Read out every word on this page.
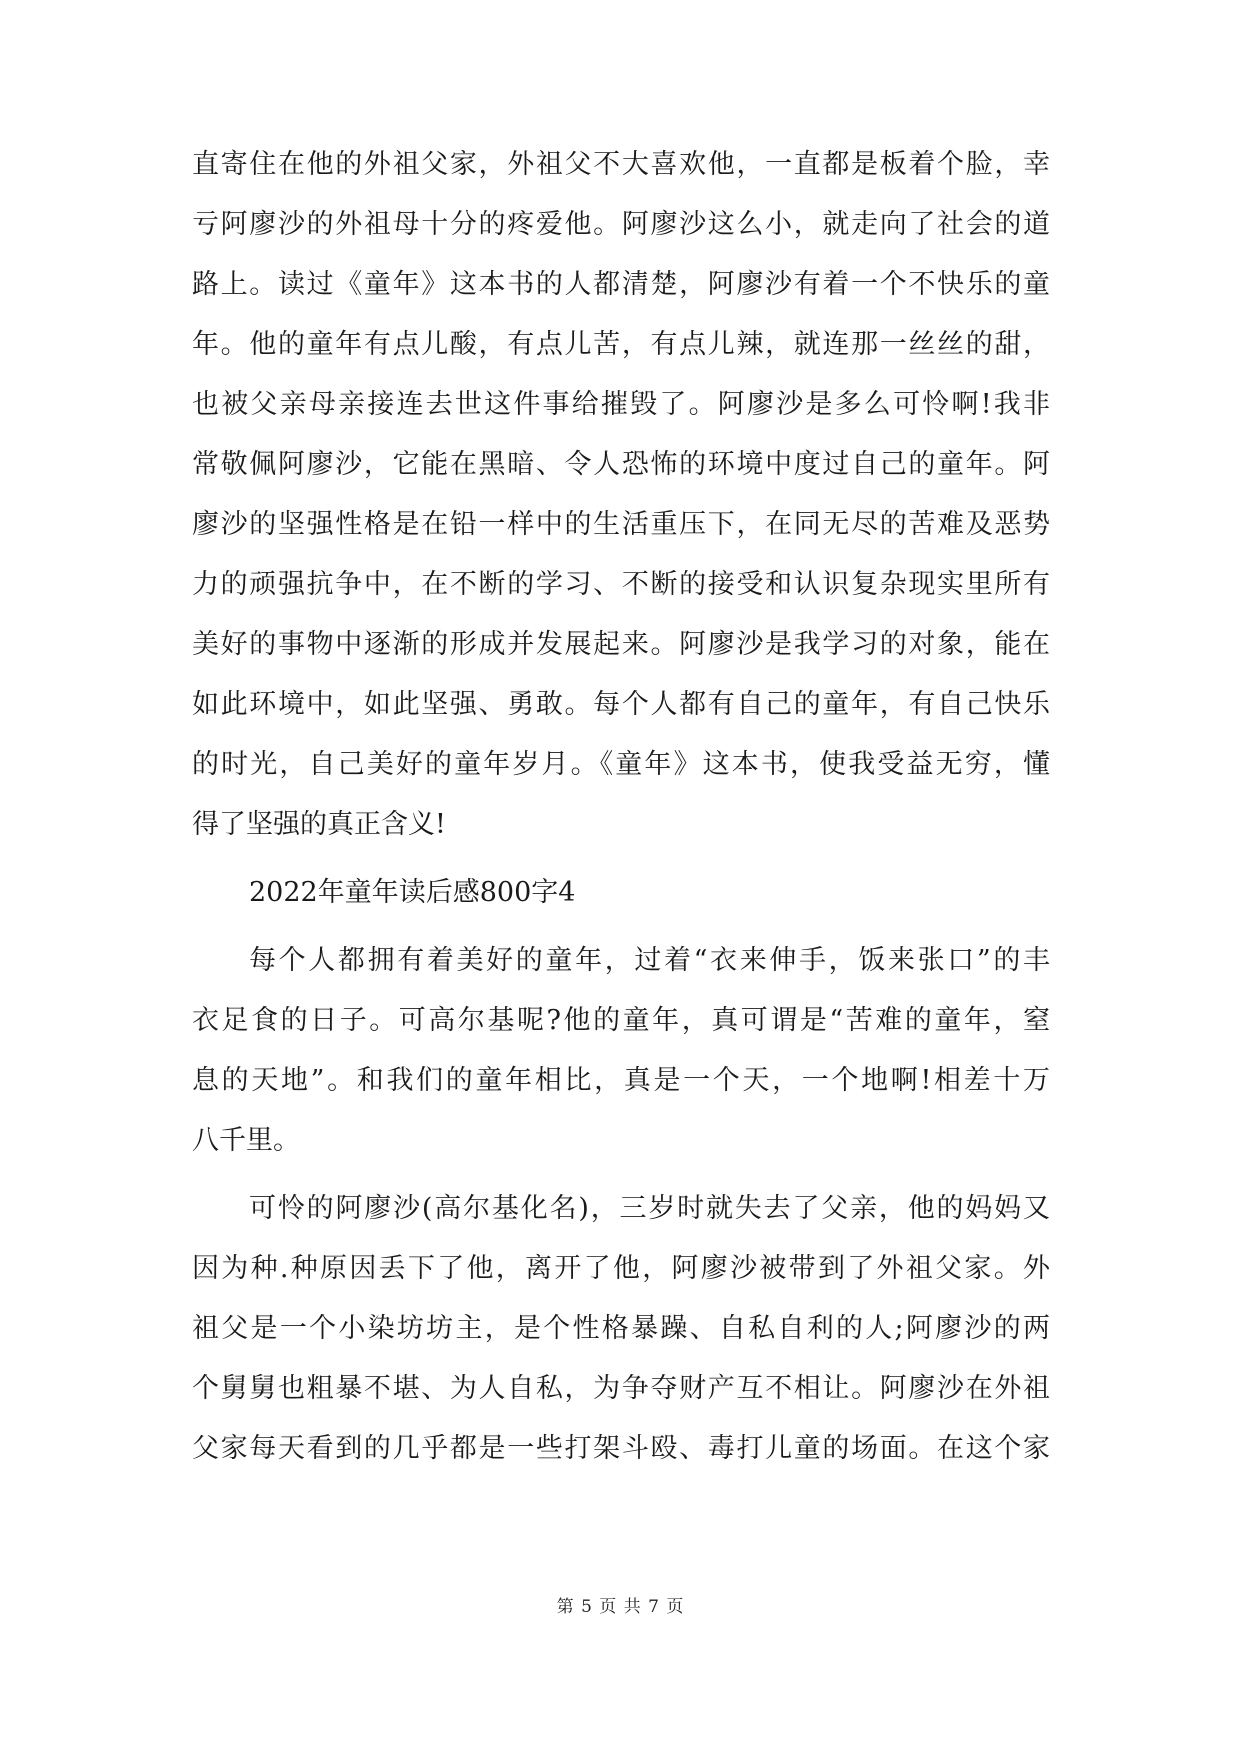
直寄住在他的外祖父家，外祖父不大喜欢他，一直都是板着个脸，幸
亏阿廖沙的外祖母十分的疼爱他。阿廖沙这么小，就走向了社会的道
路上。读过《童年》这本书的人都清楚，阿廖沙有着一个不快乐的童
年。他的童年有点儿酸，有点儿苦，有点儿辣，就连那一丝丝的甜，
也被父亲母亲接连去世这件事给摧毁了。阿廖沙是多么可怜啊!我非
常敬佩阿廖沙，它能在黑暗、令人恐怖的环境中度过自己的童年。阿
廖沙的坚强性格是在铅一样中的生活重压下，在同无尽的苦难及恶势
力的顽强抗争中，在不断的学习、不断的接受和认识复杂现实里所有
美好的事物中逐渐的形成并发展起来。阿廖沙是我学习的对象，能在
如此环境中，如此坚强、勇敢。每个人都有自己的童年，有自己快乐
的时光，自己美好的童年岁月。《童年》这本书，使我受益无穷，懂
得了坚强的真正含义!
2022年童年读后感800字4
每个人都拥有着美好的童年，过着“衣来伸手，饭来张口”的丰
衣足食的日子。可高尔基呢?他的童年，真可谓是“苦难的童年，窒
息的天地”。和我们的童年相比，真是一个天，一个地啊!相差十万
八千里。
可怜的阿廖沙(高尔基化名)，三岁时就失去了父亲，他的妈妈又
因为种.种原因丢下了他，离开了他，阿廖沙被带到了外祖父家。外
祖父是一个小染坊坊主，是个性格暴躁、自私自利的人;阿廖沙的两
个舅舅也粗暴不堪、为人自私，为争夺财产互不相让。阿廖沙在外祖
父家每天看到的几乎都是一些打架斗殴、毒打儿童的场面。在这个家
第 5 页 共 7 页
